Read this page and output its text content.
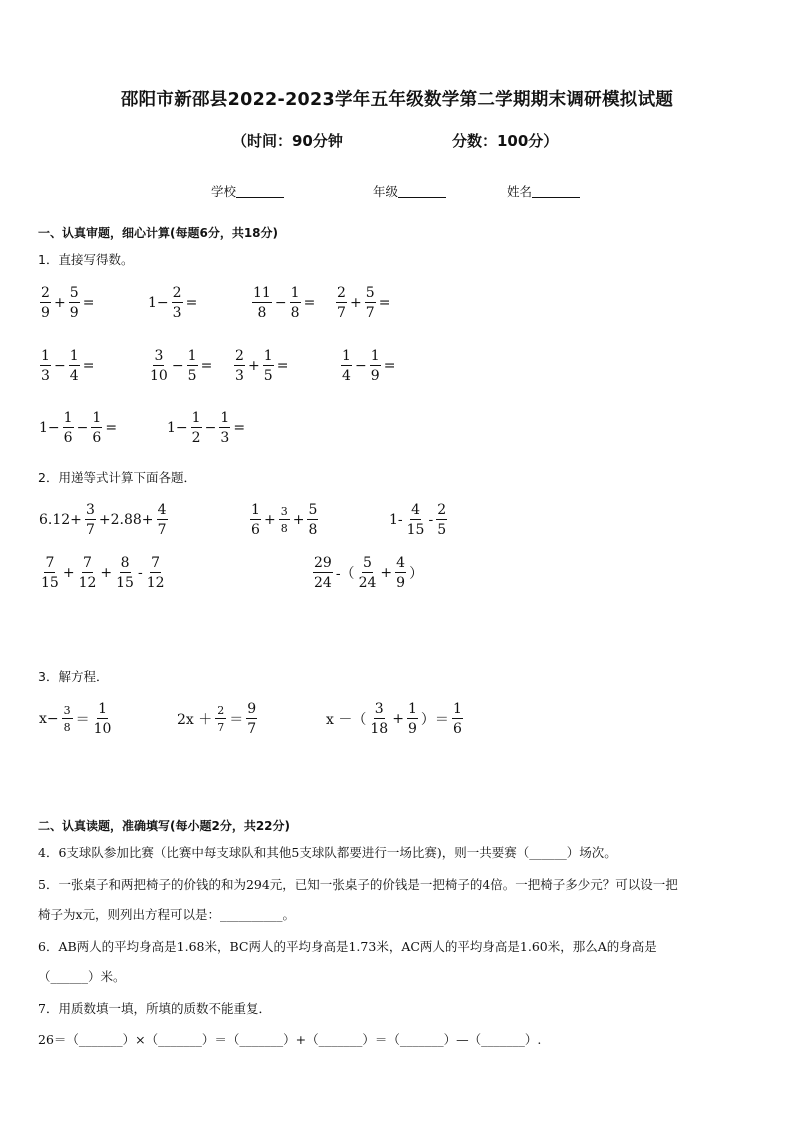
邵阳市新邵县2022-2023学年五年级数学第二学期期末调研模拟试题
（时间：90分钟	分数：100分）
学校	年级	姓名
一、认真审题，细心计算(每题6分，共18分)
1．直接写得数。
$\frac{2}{9} + \frac{5}{9}$ =	$1- \frac{2}{3}$ =	$\frac{11}{8} - \frac{1}{8} = \frac{2}{7} + \frac{5}{7}$ =
$\frac{1}{3} - \frac{1}{4}$ =	$\frac{3}{10} - \frac{1}{5} = \frac{2}{3} + \frac{1}{5}$ =	$\frac{1}{4} - \frac{1}{9}$ =
$1- \frac{1}{6} - \frac{1}{6}$ =	$1- \frac{1}{2} - \frac{1}{3}$ =
2．用递等式计算下面各题．
$6.12+ \frac{3}{7} +2.88+ \frac{4}{7}$	$\frac{1}{6} + \frac{3}{8} + \frac{5}{8}$	$1- \frac{4}{15} - \frac{2}{5}$
$\frac{7}{15} + \frac{7}{12} + \frac{8}{15} - \frac{7}{12}$	$\frac{29}{24}$ -（ $\frac{5}{24} + \frac{4}{9}$ ）
3．解方程．
$x- \frac{3}{8} = \frac{1}{10}$	$2x + \frac{2}{7} = \frac{9}{7}$	x －（ $\frac{3}{18} + \frac{1}{9}$ ）＝ $\frac{1}{6}$
二、认真读题，准确填写(每小题2分，共22分)
4．6支球队参加比赛（比赛中每支球队和其他5支球队都要进行一场比赛)，则一共要赛（______）场次。
5．一张桌子和两把椅子的价钱的和为294元，已知一张桌子的价钱是一把椅子的4倍。一把椅子多少元？可以设一把
椅子为x元，则列出方程可以是：__________。
6．AB两人的平均身高是1.68米，BC两人的平均身高是1.73米，AC两人的平均身高是1.60米，那么A的身高是
（______）米。
7．用质数填一填，所填的质数不能重复．
26＝（_______）×（_______）＝（_______）+（_______）＝（_______）—（_______）.
